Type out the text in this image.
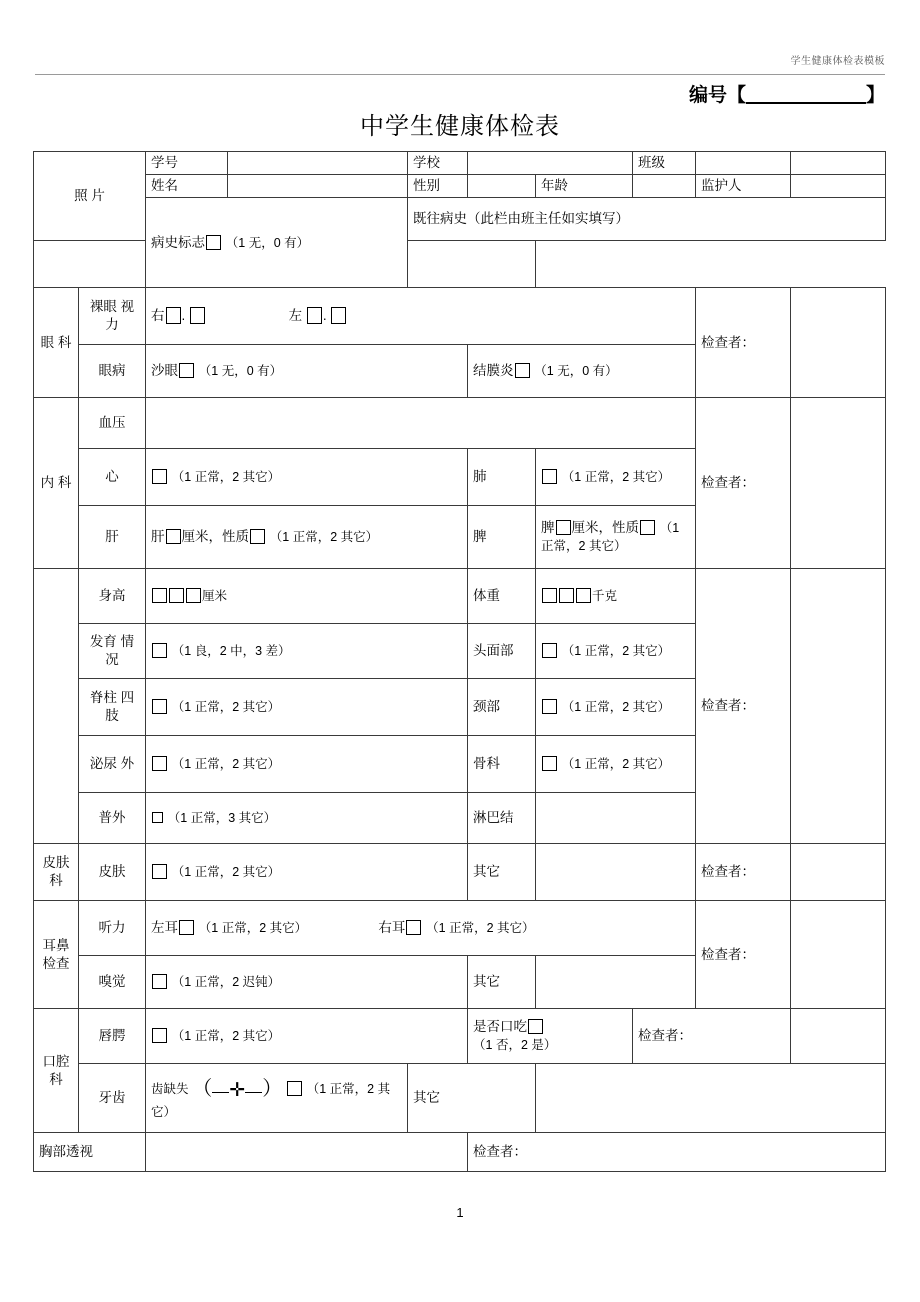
学生健康体检表模板
编号【	】
中学生健康体检表
照 片		学号		学校			班级		
		姓名		性别		年龄		监护人	
		病史标志 （1 无，0 有）		既往病史（此栏由班主任如实填写）					

眼 科	裸眼 视力	右 . 左 .						检查者：	
	眼病	沙眼 （1 无，0 有）			结膜炎 （1 无，0 有）				
内 科	血压							检查者：	
	心	（1 正常，2 其它）			肺	（1 正常，2 其它）			
	肝	肝 厘米，性质 （1 正常，2 其它）			脾	脾 厘米，性质 （1 正常，2 其它）			
	身高	厘米			体重	千克		检查者：	
	发育 情况	（1 良，2 中，3 差）			头面部	（1 正常，2 其它）			
	脊柱 四肢	（1 正常，2 其它）			颈部	（1 正常，2 其它）			
	泌尿 外	（1 正常，2 其它）			骨科	（1 正常，2 其它）			
	普外	（1 正常，3 其它）			淋巴结				
皮肤 科	皮肤	（1 正常，2 其它）			其它			检查者：	
耳鼻 检查	听力	左耳 （1 正常，2 其它） 右耳 （1 正常，2 其它）						检查者：	
	嗅觉	（1 正常，2 迟钝）			其它				
口腔 科	唇腭	（1 正常，2 其它）			是否口吃 （1 否，2 是）		检查者：		
	牙齿	齿缺失 （ ✛ ） （1 正常，2 其它）		其它					
胸部透视					检查者：				
1
